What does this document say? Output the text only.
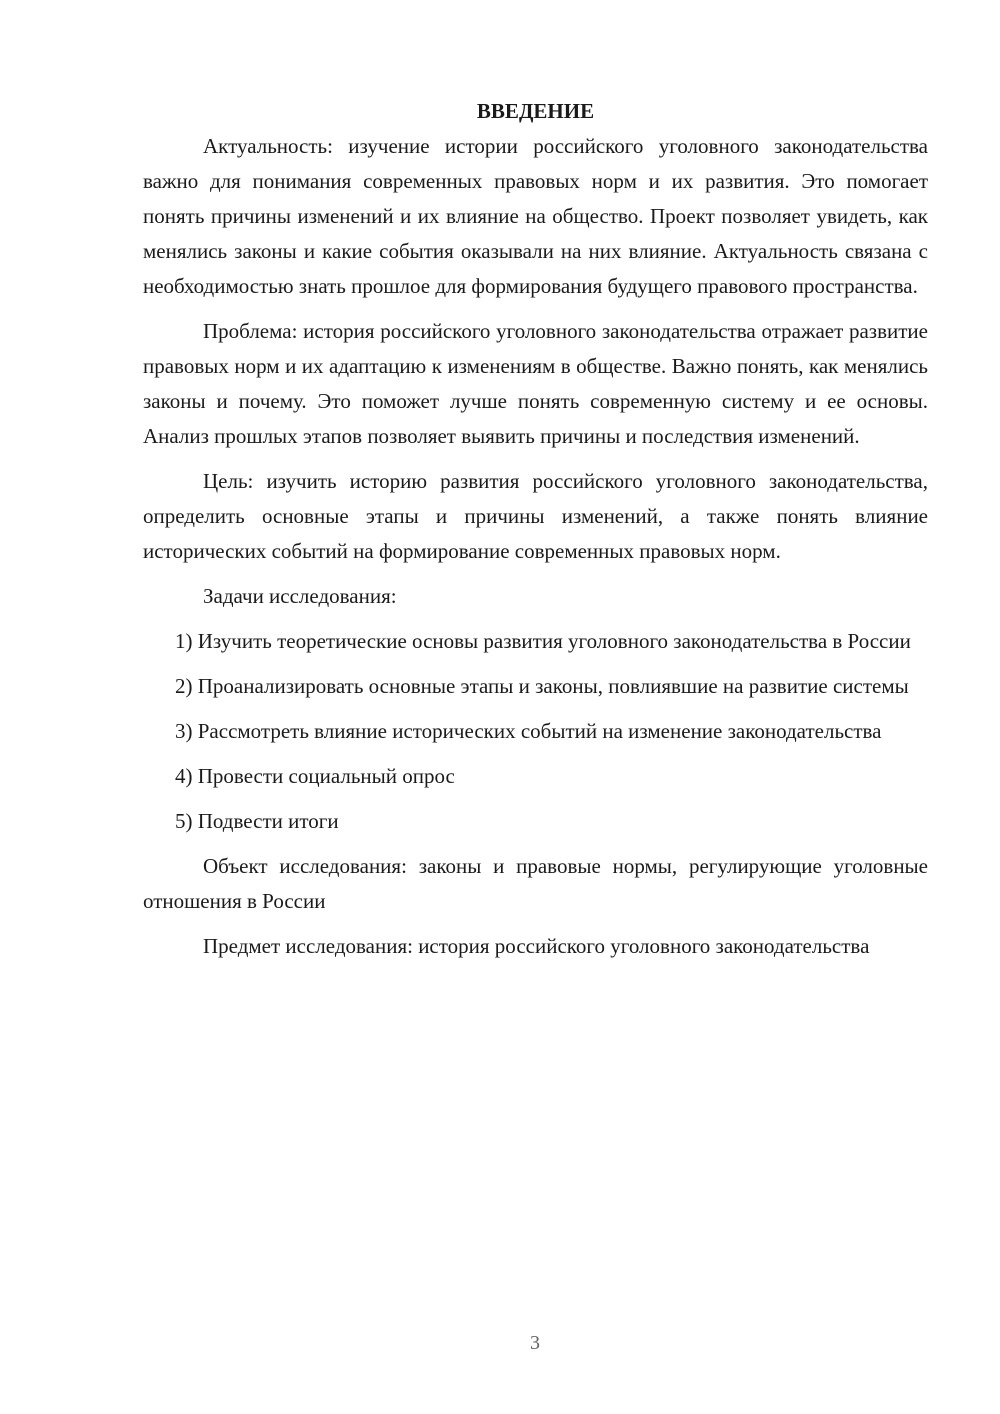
ВВЕДЕНИЕ

Актуальность: изучение истории российского уголовного законодательства важно для понимания современных правовых норм и их развития. Это помогает понять причины изменений и их влияние на общество. Проект позволяет увидеть, как менялись законы и какие события оказывали на них влияние. Актуальность связана с необходимостью знать прошлое для формирования будущего правового пространства.

Проблема: история российского уголовного законодательства отражает развитие правовых норм и их адаптацию к изменениям в обществе. Важно понять, как менялись законы и почему. Это поможет лучше понять современную систему и ее основы. Анализ прошлых этапов позволяет выявить причины и последствия изменений.

Цель: изучить историю развития российского уголовного законодательства, определить основные этапы и причины изменений, а также понять влияние исторических событий на формирование современных правовых норм.

Задачи исследования:

1) Изучить теоретические основы развития уголовного законодательства в России

2) Проанализировать основные этапы и законы, повлиявшие на развитие системы

3) Рассмотреть влияние исторических событий на изменение законодательства

4) Провести социальный опрос

5) Подвести итоги

Объект исследования: законы и правовые нормы, регулирующие уголовные отношения в России

Предмет исследования: история российского уголовного законодательства

3
